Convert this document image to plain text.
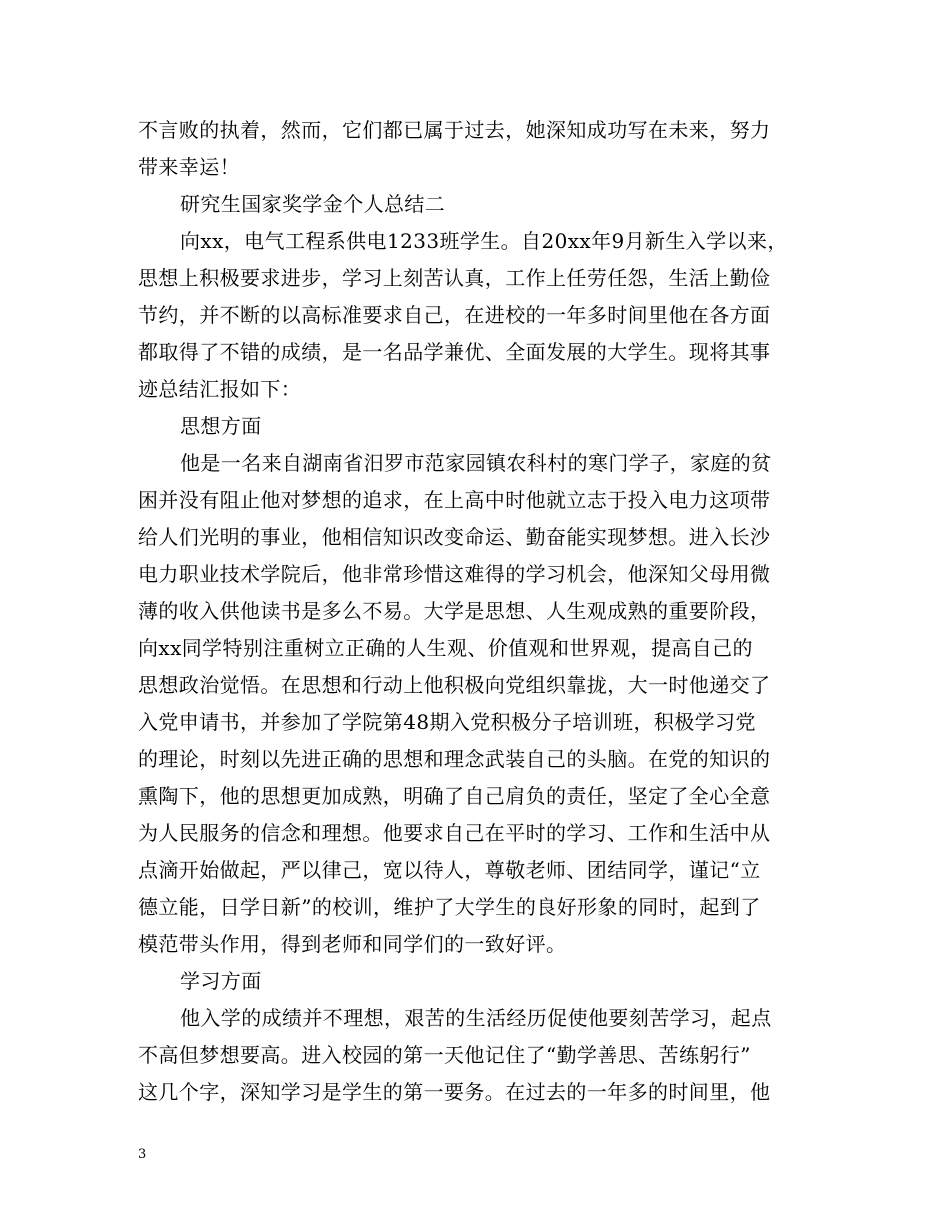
不言败的执着，然而，它们都已属于过去，她深知成功写在未来，努力
带来幸运！
研究生国家奖学金个人总结二
向xx，电气工程系供电1233班学生。自20xx年9月新生入学以来，
思想上积极要求进步，学习上刻苦认真，工作上任劳任怨，生活上勤俭
节约，并不断的以高标准要求自己，在进校的一年多时间里他在各方面
都取得了不错的成绩，是一名品学兼优、全面发展的大学生。现将其事
迹总结汇报如下：
思想方面
他是一名来自湖南省汨罗市范家园镇农科村的寒门学子，家庭的贫
困并没有阻止他对梦想的追求，在上高中时他就立志于投入电力这项带
给人们光明的事业，他相信知识改变命运、勤奋能实现梦想。进入长沙
电力职业技术学院后，他非常珍惜这难得的学习机会，他深知父母用微
薄的收入供他读书是多么不易。大学是思想、人生观成熟的重要阶段，
向xx同学特别注重树立正确的人生观、价值观和世界观，提高自己的
思想政治觉悟。在思想和行动上他积极向党组织靠拢，大一时他递交了
入党申请书，并参加了学院第48期入党积极分子培训班，积极学习党
的理论，时刻以先进正确的思想和理念武装自己的头脑。在党的知识的
熏陶下，他的思想更加成熟，明确了自己肩负的责任，坚定了全心全意
为人民服务的信念和理想。他要求自己在平时的学习、工作和生活中从
点滴开始做起，严以律己，宽以待人，尊敬老师、团结同学，谨记“立
德立能，日学日新”的校训，维护了大学生的良好形象的同时，起到了
模范带头作用，得到老师和同学们的一致好评。
学习方面
他入学的成绩并不理想，艰苦的生活经历促使他要刻苦学习，起点
不高但梦想要高。进入校园的第一天他记住了“勤学善思、苦练躬行”
这几个字，深知学习是学生的第一要务。在过去的一年多的时间里，他
3
